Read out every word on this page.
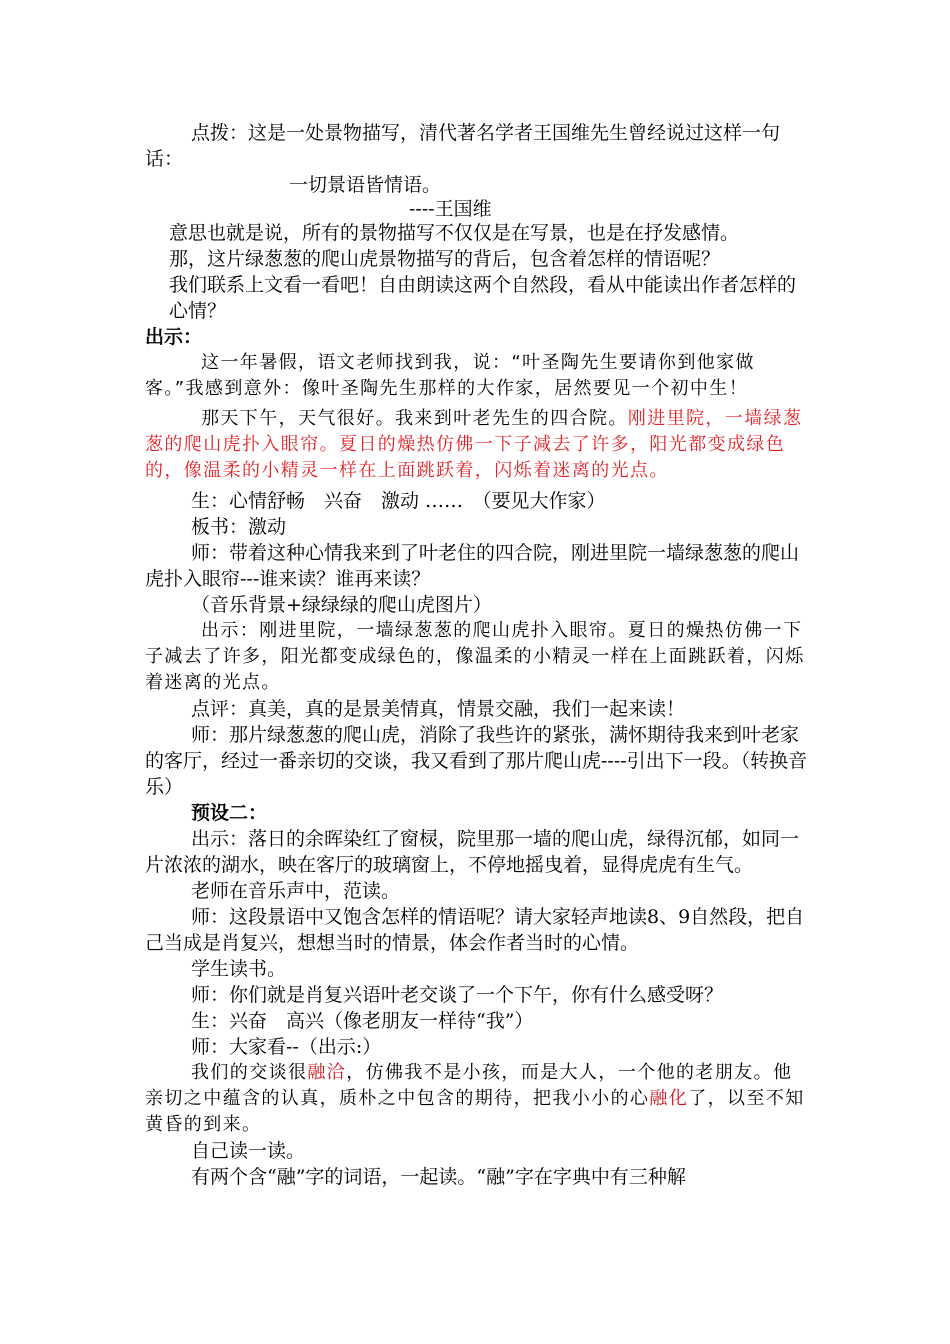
点拨：这是一处景物描写，清代著名学者王国维先生曾经说过这样一句话：

一切景语皆情语。

----王国维

意思也就是说，所有的景物描写不仅仅是在写景，也是在抒发感情。

那，这片绿葱葱的爬山虎景物描写的背后，包含着怎样的情语呢？

我们联系上文看一看吧！自由朗读这两个自然段，看从中能读出作者怎样的心情？

出示：

这一年暑假，语文老师找到我，说：“叶圣陶先生要请你到他家做客。”我感到意外：像叶圣陶先生那样的大作家，居然要见一个初中生！

那天下午，天气很好。我来到叶老先生的四合院。刚进里院，一墙绿葱葱的爬山虎扑入眼帘。夏日的燥热仿佛一下子减去了许多，阳光都变成绿色的，像温柔的小精灵一样在上面跳跃着，闪烁着迷离的光点。

生：心情舒畅　兴奋　激动 ……　（要见大作家）

板书：激动

师：带着这种心情我来到了叶老住的四合院，刚进里院一墙绿葱葱的爬山虎扑入眼帘---谁来读？谁再来读？

（音乐背景+绿绿绿的爬山虎图片）

出示：刚进里院，一墙绿葱葱的爬山虎扑入眼帘。夏日的燥热仿佛一下子减去了许多，阳光都变成绿色的，像温柔的小精灵一样在上面跳跃着，闪烁着迷离的光点。

点评：真美，真的是景美情真，情景交融，我们一起来读！

师：那片绿葱葱的爬山虎，消除了我些许的紧张，满怀期待我来到叶老家的客厅，经过一番亲切的交谈，我又看到了那片爬山虎----引出下一段。（转换音乐）

预设二：

出示：落日的余晖染红了窗棂，院里那一墙的爬山虎，绿得沉郁，如同一片浓浓的湖水，映在客厅的玻璃窗上，不停地摇曳着，显得虎虎有生气。

老师在音乐声中，范读。

师：这段景语中又饱含怎样的情语呢？请大家轻声地读8、9自然段，把自己当成是肖复兴，想想当时的情景，体会作者当时的心情。

学生读书。

师：你们就是肖复兴语叶老交谈了一个下午，你有什么感受呀？

生：兴奋　高兴（像老朋友一样待“我”）

师：大家看--（出示:）

我们的交谈很融洽，仿佛我不是小孩，而是大人，一个他的老朋友。他亲切之中蕴含的认真，质朴之中包含的期待，把我小小的心融化了，以至不知黄昏的到来。

自己读一读。

有两个含“融”字的词语，一起读。“融”字在字典中有三种解
